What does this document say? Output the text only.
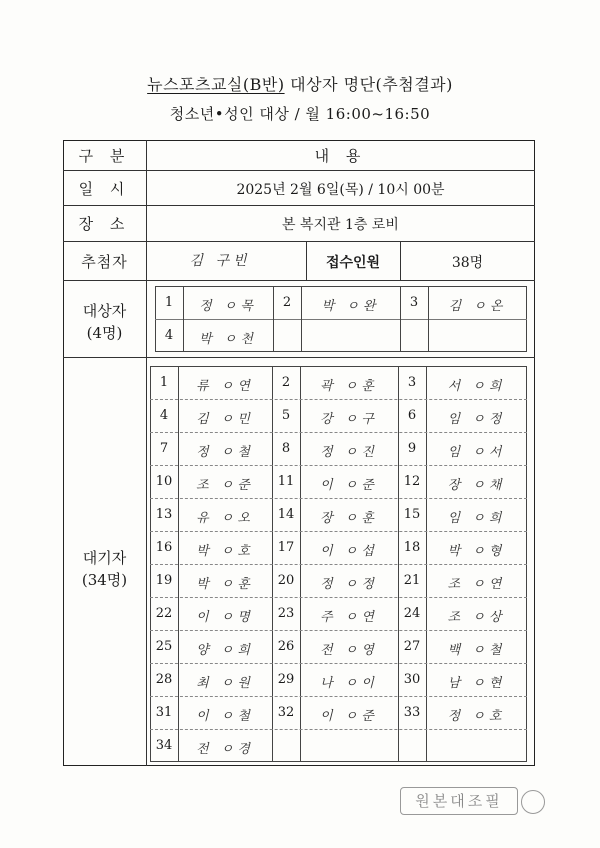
뉴스포츠교실(B반) 대상자 명단(추첨결과)
청소년•성인 대상 / 월 16:00~16:50
구 분	내 용
일 시	2025년 2월 6일(목) / 10시 00분
장 소	본 복지관 1층 로비
추첨자	김 구빈	접수인원	38명
대상자
(4명)
1	정 ㅇ목	2	박 ㅇ완	3	김 ㅇ온
4	박 ㅇ천
대기자
(34명)
1	류 ㅇ연	2	곽 ㅇ훈	3	서 ㅇ희
4	김 ㅇ민	5	강 ㅇ구	6	임 ㅇ정
7	정 ㅇ철	8	정 ㅇ진	9	임 ㅇ서
10	조 ㅇ준	11	이 ㅇ준	12	장 ㅇ채
13	유 ㅇ오	14	장 ㅇ훈	15	임 ㅇ희
16	박 ㅇ호	17	이 ㅇ섭	18	박 ㅇ형
19	박 ㅇ훈	20	정 ㅇ정	21	조 ㅇ연
22	이 ㅇ명	23	주 ㅇ연	24	조 ㅇ상
25	양 ㅇ희	26	전 ㅇ영	27	백 ㅇ철
28	최 ㅇ원	29	나 ㅇ이	30	남 ㅇ현
31	이 ㅇ철	32	이 ㅇ준	33	정 ㅇ호
34	전 ㅇ경
원본대조필
